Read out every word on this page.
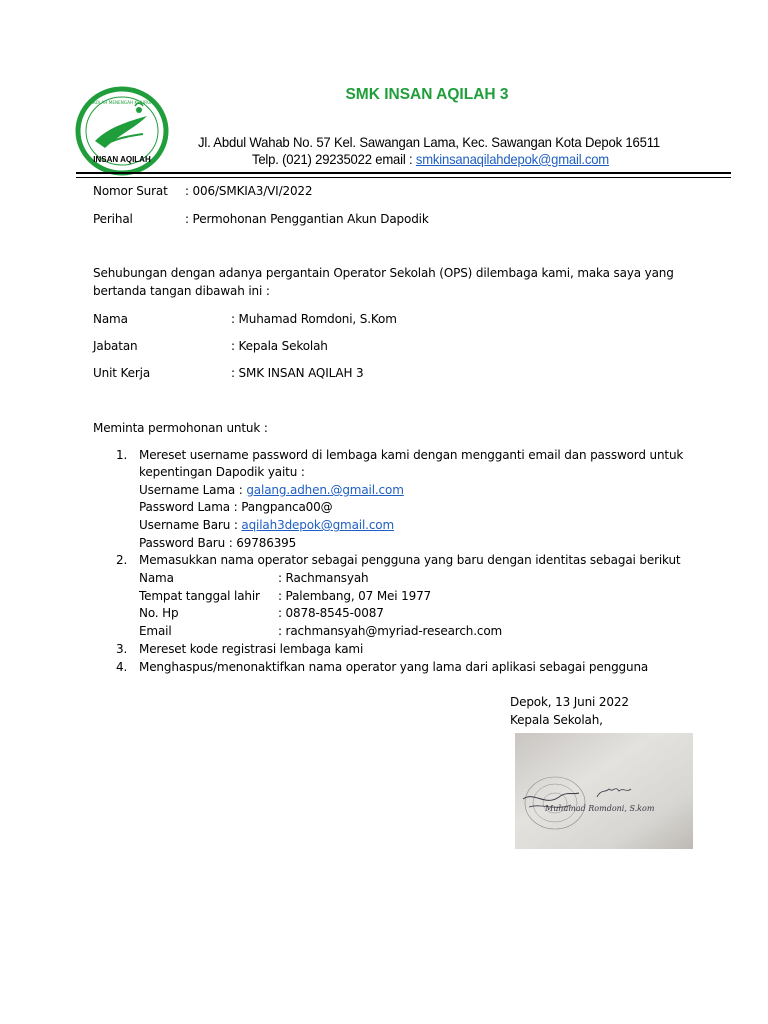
SEKOLAH MENENGAH KEJURUAN
INSAN AQILAH
SMK INSAN AQILAH 3
Jl. Abdul Wahab No. 57 Kel. Sawangan Lama, Kec. Sawangan Kota Depok 16511
Telp. (021) 29235022 email : smkinsanaqilahdepok@gmail.com
Nomor Surat : 006/SMKIA3/VI/2022
Perihal	: Permohonan Penggantian Akun Dapodik
Sehubungan dengan adanya pergantain Operator Sekolah (OPS) dilembaga kami, maka saya yang
bertanda tangan dibawah ini :
Nama	: Muhamad Romdoni, S.Kom
Jabatan	: Kepala Sekolah
Unit Kerja	: SMK INSAN AQILAH 3
Meminta permohonan untuk :
1. Mereset username password di lembaga kami dengan mengganti email dan password untuk
kepentingan Dapodik yaitu :
Username Lama : galang.adhen.@gmail.com
Password Lama : Pangpanca00@
Username Baru : aqilah3depok@gmail.com
Password Baru : 69786395
2. Memasukkan nama operator sebagai pengguna yang baru dengan identitas sebagai berikut
Nama	: Rachmansyah
Tempat tanggal lahir : Palembang, 07 Mei 1977
No. Hp	: 0878-8545-0087
Email	: rachmansyah@myriad-research.com
3. Mereset kode registrasi lembaga kami
4. Menghaspus/menonaktifkan nama operator yang lama dari aplikasi sebagai pengguna
Depok, 13 Juni 2022
Kepala Sekolah,
Muhamad Romdoni, S.kom
